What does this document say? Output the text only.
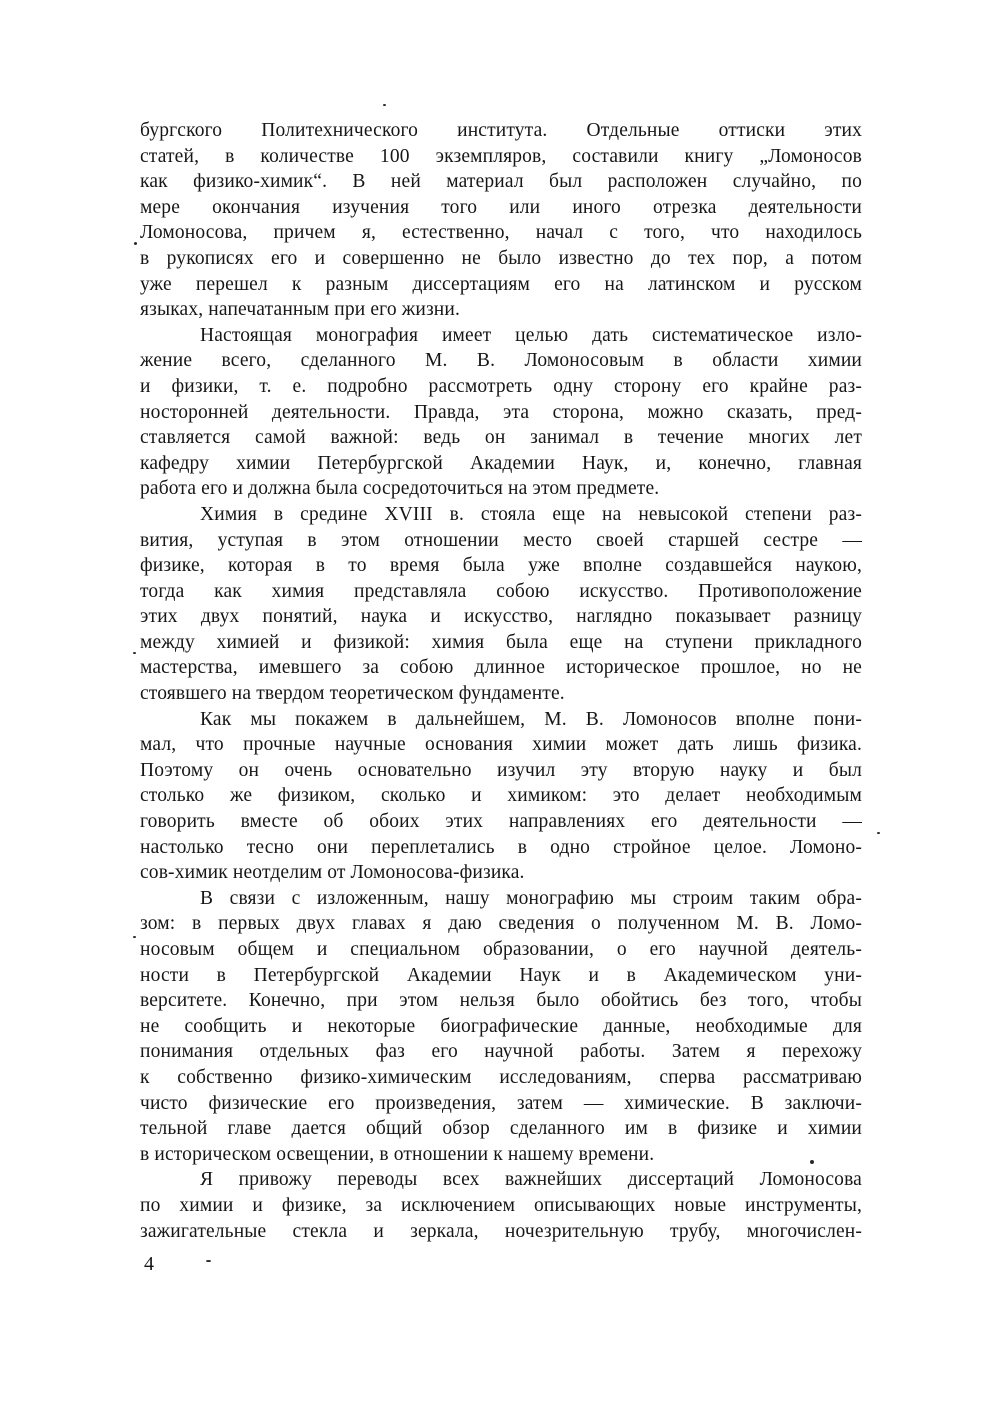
бургского Политехнического института. Отдельные оттиски этих
статей, в количестве 100 экземпляров, составили книгу „Ломоносов
как физико-химик“. В ней материал был расположен случайно, по
мере окончания изучения того или иного отрезка деятельности
Ломоносова, причем я, естественно, начал с того, что находилось
в рукописях его и совершенно не было известно до тех пор, а потом
уже перешел к разным диссертациям его на латинском и русском
языках, напечатанным при его жизни.

Настоящая монография имеет целью дать систематическое изло-
жение всего, сделанного М. В. Ломоносовым в области химии
и физики, т. е. подробно рассмотреть одну сторону его крайне раз-
носторонней деятельности. Правда, эта сторона, можно сказать, пред-
ставляется самой важной: ведь он занимал в течение многих лет
кафедру химии Петербургской Академии Наук, и, конечно, главная
работа его и должна была сосредоточиться на этом предмете.

Химия в средине XVIII в. стояла еще на невысокой степени раз-
вития, уступая в этом отношении место своей старшей сестре —
физике, которая в то время была уже вполне создавшейся наукою,
тогда как химия представляла собою искусство. Противоположение
этих двух понятий, наука и искусство, наглядно показывает разницу
между химией и физикой: химия была еще на ступени прикладного
мастерства, имевшего за собою длинное историческое прошлое, но не
стоявшего на твердом теоретическом фундаменте.

Как мы покажем в дальнейшем, М. В. Ломоносов вполне пони-
мал, что прочные научные основания химии может дать лишь физика.
Поэтому он очень основательно изучил эту вторую науку и был
столько же физиком, сколько и химиком: это делает необходимым
говорить вместе об обоих этих направлениях его деятельности —
настолько тесно они переплетались в одно стройное целое. Ломоно-
сов-химик неотделим от Ломоносова-физика.

В связи с изложенным, нашу монографию мы строим таким обра-
зом: в первых двух главах я даю сведения о полученном М. В. Ломо-
носовым общем и специальном образовании, о его научной деятель-
ности в Петербургской Академии Наук и в Академическом уни-
верситете. Конечно, при этом нельзя было обойтись без того, чтобы
не сообщить и некоторые биографические данные, необходимые для
понимания отдельных фаз его научной работы. Затем я перехожу
к собственно физико-химическим исследованиям, сперва рассматриваю
чисто физические его произведения, затем — химические. В заключи-
тельной главе дается общий обзор сделанного им в физике и химии
в историческом освещении, в отношении к нашему времени.

Я привожу переводы всех важнейших диссертаций Ломоносова
по химии и физике, за исключением описывающих новые инструменты,
зажигательные стекла и зеркала, ночезрительную трубу, многочислен-

4
